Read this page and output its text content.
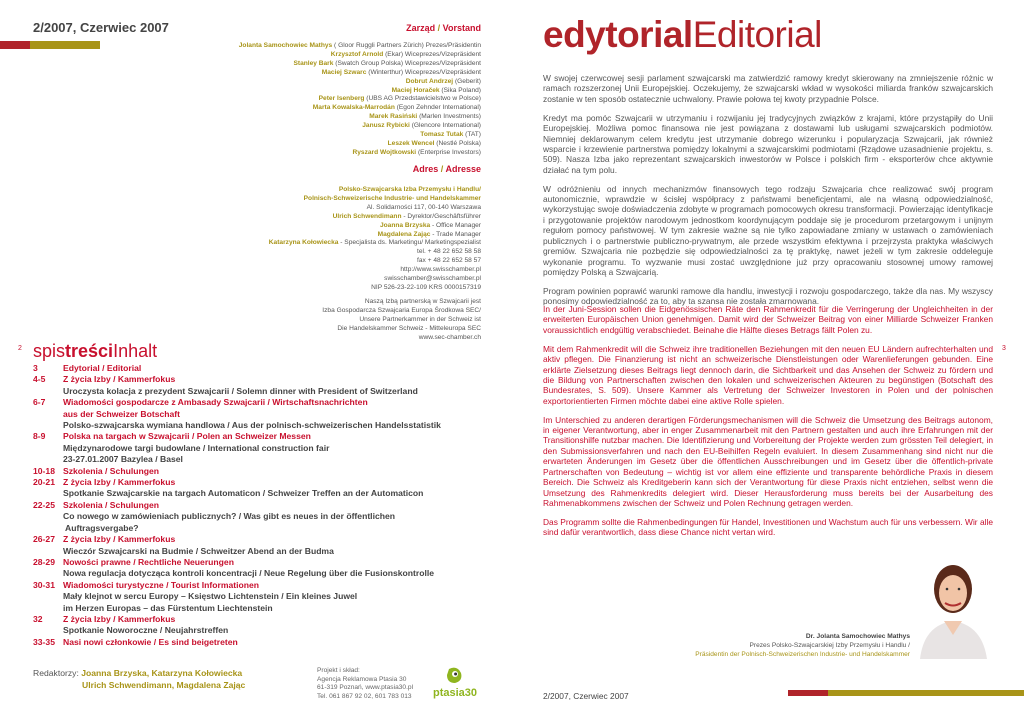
2/2007, Czerwiec 2007	Zarząd / Vorstand
Jolanta Samochowiec Mathys ( Gloor Ruggli Partners Zürich) Prezes/Präsidentin
Krzysztof Arnold (Ekar) Wiceprezes/Vizepräsident
Stanley Bark (Swatch Group Polska) Wiceprezes/Vizepräsident
Maciej Szwarc (Winterthur) Wiceprezes/Vizepräsident
Dobrut Andrzej (Geberit)
Maciej Horaček (Sika Poland)
Peter Isenberg (UBS AG Przedstawicielstwo w Polsce)
Marta Kowalska-Marrodán (Egon Zehnder International)
Marek Rasiński (Marlen Investments)
Janusz Rybicki (Glencore International)
Tomasz Tutak (TAT)
Leszek Wencel (Nestlé Polska)
Ryszard Wojtkowski (Enterprise Investors)
Adres / Adresse
Polsko-Szwajcarska Izba Przemysłu i Handlu/
Polnisch-Schweizerische Industrie- und Handelskammer
Al. Solidarności 117, 00-140 Warszawa
Ulrich Schwendimann - Dyrektor/Geschäftsführer
Joanna Brzyska - Office Manager
Magdalena Zając - Trade Manager
Katarzyna Kołowiecka - Specjalista ds. Marketingu/ Marketingspezialist
tel. + 48 22 652 58 58
fax + 48 22 652 58 57
http://www.swisschamber.pl
swisschamber@swisschamber.pl
NIP 526-23-22-109 KRS 0000157319
Naszą Izbą partnerską w Szwajcarii jest
Izba Gospodarcza Szwajcaria Europa Środkowa SEC/
Unsere Partnerkammer in der Schweiz ist
Die Handelskammer Schweiz - Mitteleuropa SEC
www.sec-chamber.ch
2	3
spistreściInhalt
3	Edytorial / Editorial
4-5	Z życia Izby / Kammerfokus
Uroczysta kolacja z prezydent Szwajcarii / Solemn dinner with President of Switzerland
6-7	Wiadomości gospodarcze z Ambasady Szwajcarii / Wirtschaftsnachrichten
aus der Schweizer Botschaft
Polsko-szwajcarska wymiana handlowa / Aus der polnisch-schweizerischen Handelsstatistik
8-9	Polska na targach w Szwajcarii / Polen an Schweizer Messen
Międzynarodowe targi budowlane / International construction fair
23-27.01.2007 Bazylea / Basel
10-18 Szkolenia / Schulungen
20-21 Z życia Izby / Kammerfokus
Spotkanie Szwajcarskie na targach Automaticon / Schweizer Treffen an der Automaticon
22-25 Szkolenia / Schulungen
Co nowego w zamówieniach publicznych? / Was gibt es neues in der öffentlichen
Auftragsvergabe?
26-27 Z życia Izby / Kammerfokus
Wieczór Szwajcarski na Budmie / Schweitzer Abend an der Budma
28-29 Nowości prawne / Rechtliche Neuerungen
Nowa regulacja dotycząca kontroli koncentracji / Neue Regelung über die Fusionskontrolle
30-31 Wiadomości turystyczne / Tourist Informationen
Mały klejnot w sercu Europy – Księstwo Lichtenstein / Ein kleines Juwel
im Herzen Europas – das Fürstentum Liechtenstein
32	Z życia Izby / Kammerfokus
Spotkanie Noworoczne / Neujahrstreffen
33-35 Nasi nowi członkowie / Es sind beigetreten
Redaktorzy: Joanna Brzyska, Katarzyna Kołowiecka
Ulrich Schwendimann, Magdalena Zając
Projekt i skład:
Agencja Reklamowa Ptasia 30
61-319 Poznań, www.ptasia30.pl
Tel. 061 867 92 02, 601 783 013	ptasia30
edytorialEditorial

W swojej czerwcowej sesji parlament szwajcarski ma zatwierdzić ramowy kredyt skierowany na zmniejszenie różnic w ramach rozszerzonej Unii Europejskiej. Oczekujemy, że szwajcarski wkład w wysokości miliarda franków szwajcarskich zostanie w ten sposób ostatecznie uchwalony. Prawie połowa tej kwoty przypadnie Polsce.

Kredyt ma pomóc Szwajcarii w utrzymaniu i rozwijaniu jej tradycyjnych związków z krajami, które przystąpiły do Unii Europejskiej. Możliwa pomoc finansowa nie jest powiązana z dostawami lub usługami szwajcarskich podmiotów. Niemniej deklarowanym celem kredytu jest utrzymanie dobrego wizerunku i popularyzacja Szwajcarii, jak również wsparcie i krzewienie partnerstwa pomiędzy lokalnymi a szwajcarskimi podmiotami (Rządowe uzasadnienie projektu, s. 509). Nasza Izba jako reprezentant szwajcarskich inwestorów w Polsce i polskich firm - eksporterów chce aktywnie działać na tym polu.

W odróżnieniu od innych mechanizmów finansowych tego rodzaju Szwajcaria chce realizować swój program autonomicznie, wprawdzie w ścisłej współpracy z państwami beneficjentami, ale na własną odpowiedzialność, wykorzystując swoje doświadczenia zdobyte w programach pomocowych okresu transformacji. Powierzając identyfikacje i przygotowanie projektów narodowym jednostkom koordynującym poddaje się je procedurom przetargowym i unijnym regułom pomocy państwowej. W tym zakresie ważne są nie tylko zapowiadane zmiany w ustawach o zamówieniach publicznych i o partnerstwie publiczno-prywatnym, ale przede wszystkim efektywna i przejrzysta praktyka właściwych gremiów. Szwajcaria nie pozbędzie się odpowiedzialności za tę praktykę, nawet jeżeli w tym zakresie oddeleguje wykonanie programu. To wyzwanie musi zostać uwzględnione już przy opracowaniu stosownej umowy ramowej pomiędzy Polską a Szwajcarią.

Program powinien poprawić warunki ramowe dla handlu, inwestycji i rozwoju gospodarczego, także dla nas. My wszyscy ponosimy odpowiedzialność za to, aby ta szansa nie została zmarnowana.

In der Juni-Session sollen die Eidgenössischen Räte den Rahmenkredit für die Verringerung der Ungleichheiten in der erweiterten Europäischen Union genehmigen. Damit wird der Schweizer Beitrag von einer Milliarde Schweizer Franken voraussichtlich endgültig verabschiedet. Beinahe die Hälfte dieses Betrags fällt Polen zu.

Mit dem Rahmenkredit will die Schweiz ihre traditionellen Beziehungen mit den neuen EU Ländern aufrechterhalten und aktiv pflegen. Die Finanzierung ist nicht an schweizerische Dienstleistungen oder Warenlieferungen gebunden. Eine erklärte Zielsetzung dieses Beitrags liegt dennoch darin, die Sichtbarkeit und das Ansehen der Schweiz zu fördern und die Bildung von Partnerschaften zwischen den lokalen und schweizerischen Akteuren zu begünstigen (Botschaft des Bundesrates, S. 509). Unsere Kammer als Vertretung der Schweizer Investoren in Polen und der polnischen exportorientierten Firmen möchte dabei eine aktive Rolle spielen.

Im Unterschied zu anderen derartigen Förderungsmechanismen will die Schweiz die Umsetzung des Beitrags autonom, in eigener Verantwortung, aber in enger Zusammenarbeit mit den Partnern gestalten und auch ihre Erfahrungen mit der Transitionshilfe nutzbar machen. Die Identifizierung und Vorbereitung der Projekte werden zum grössten Teil delegiert, in den Submissionsverfahren und nach den EU-Beihilfen Regeln evaluiert. In diesem Zusammenhang sind nicht nur die erwarteten Änderungen im Gesetz über die öffentlichen Ausschreibungen und im Gesetz über die öffentlich-private Partnerschaften von Bedeutung – wichtig ist vor allem eine effiziente und transparente behördliche Praxis in diesem Bereich. Die Schweiz als Kreditgeberin kann sich der Verantwortung für diese Praxis nicht entziehen, selbst wenn die Umsetzung des Rahmenkredits delegiert wird. Dieser Herausforderung muss bereits bei der Ausarbeitung des Rahmenabkommens zwischen der Schweiz und Polen Rechnung getragen werden.

Das Programm sollte die Rahmenbedingungen für Handel, Investitionen und Wachstum auch für uns verbessern. Wir alle sind dafür verantwortlich, dass diese Chance nicht vertan wird.

Dr. Jolanta Samochowiec Mathys
Prezes Polsko-Szwajcarskiej Izby Przemysłu i Handlu /
Präsidentin der Polnisch-Schweizerischen Industrie- und Handelskammer
2/2007, Czerwiec 2007
